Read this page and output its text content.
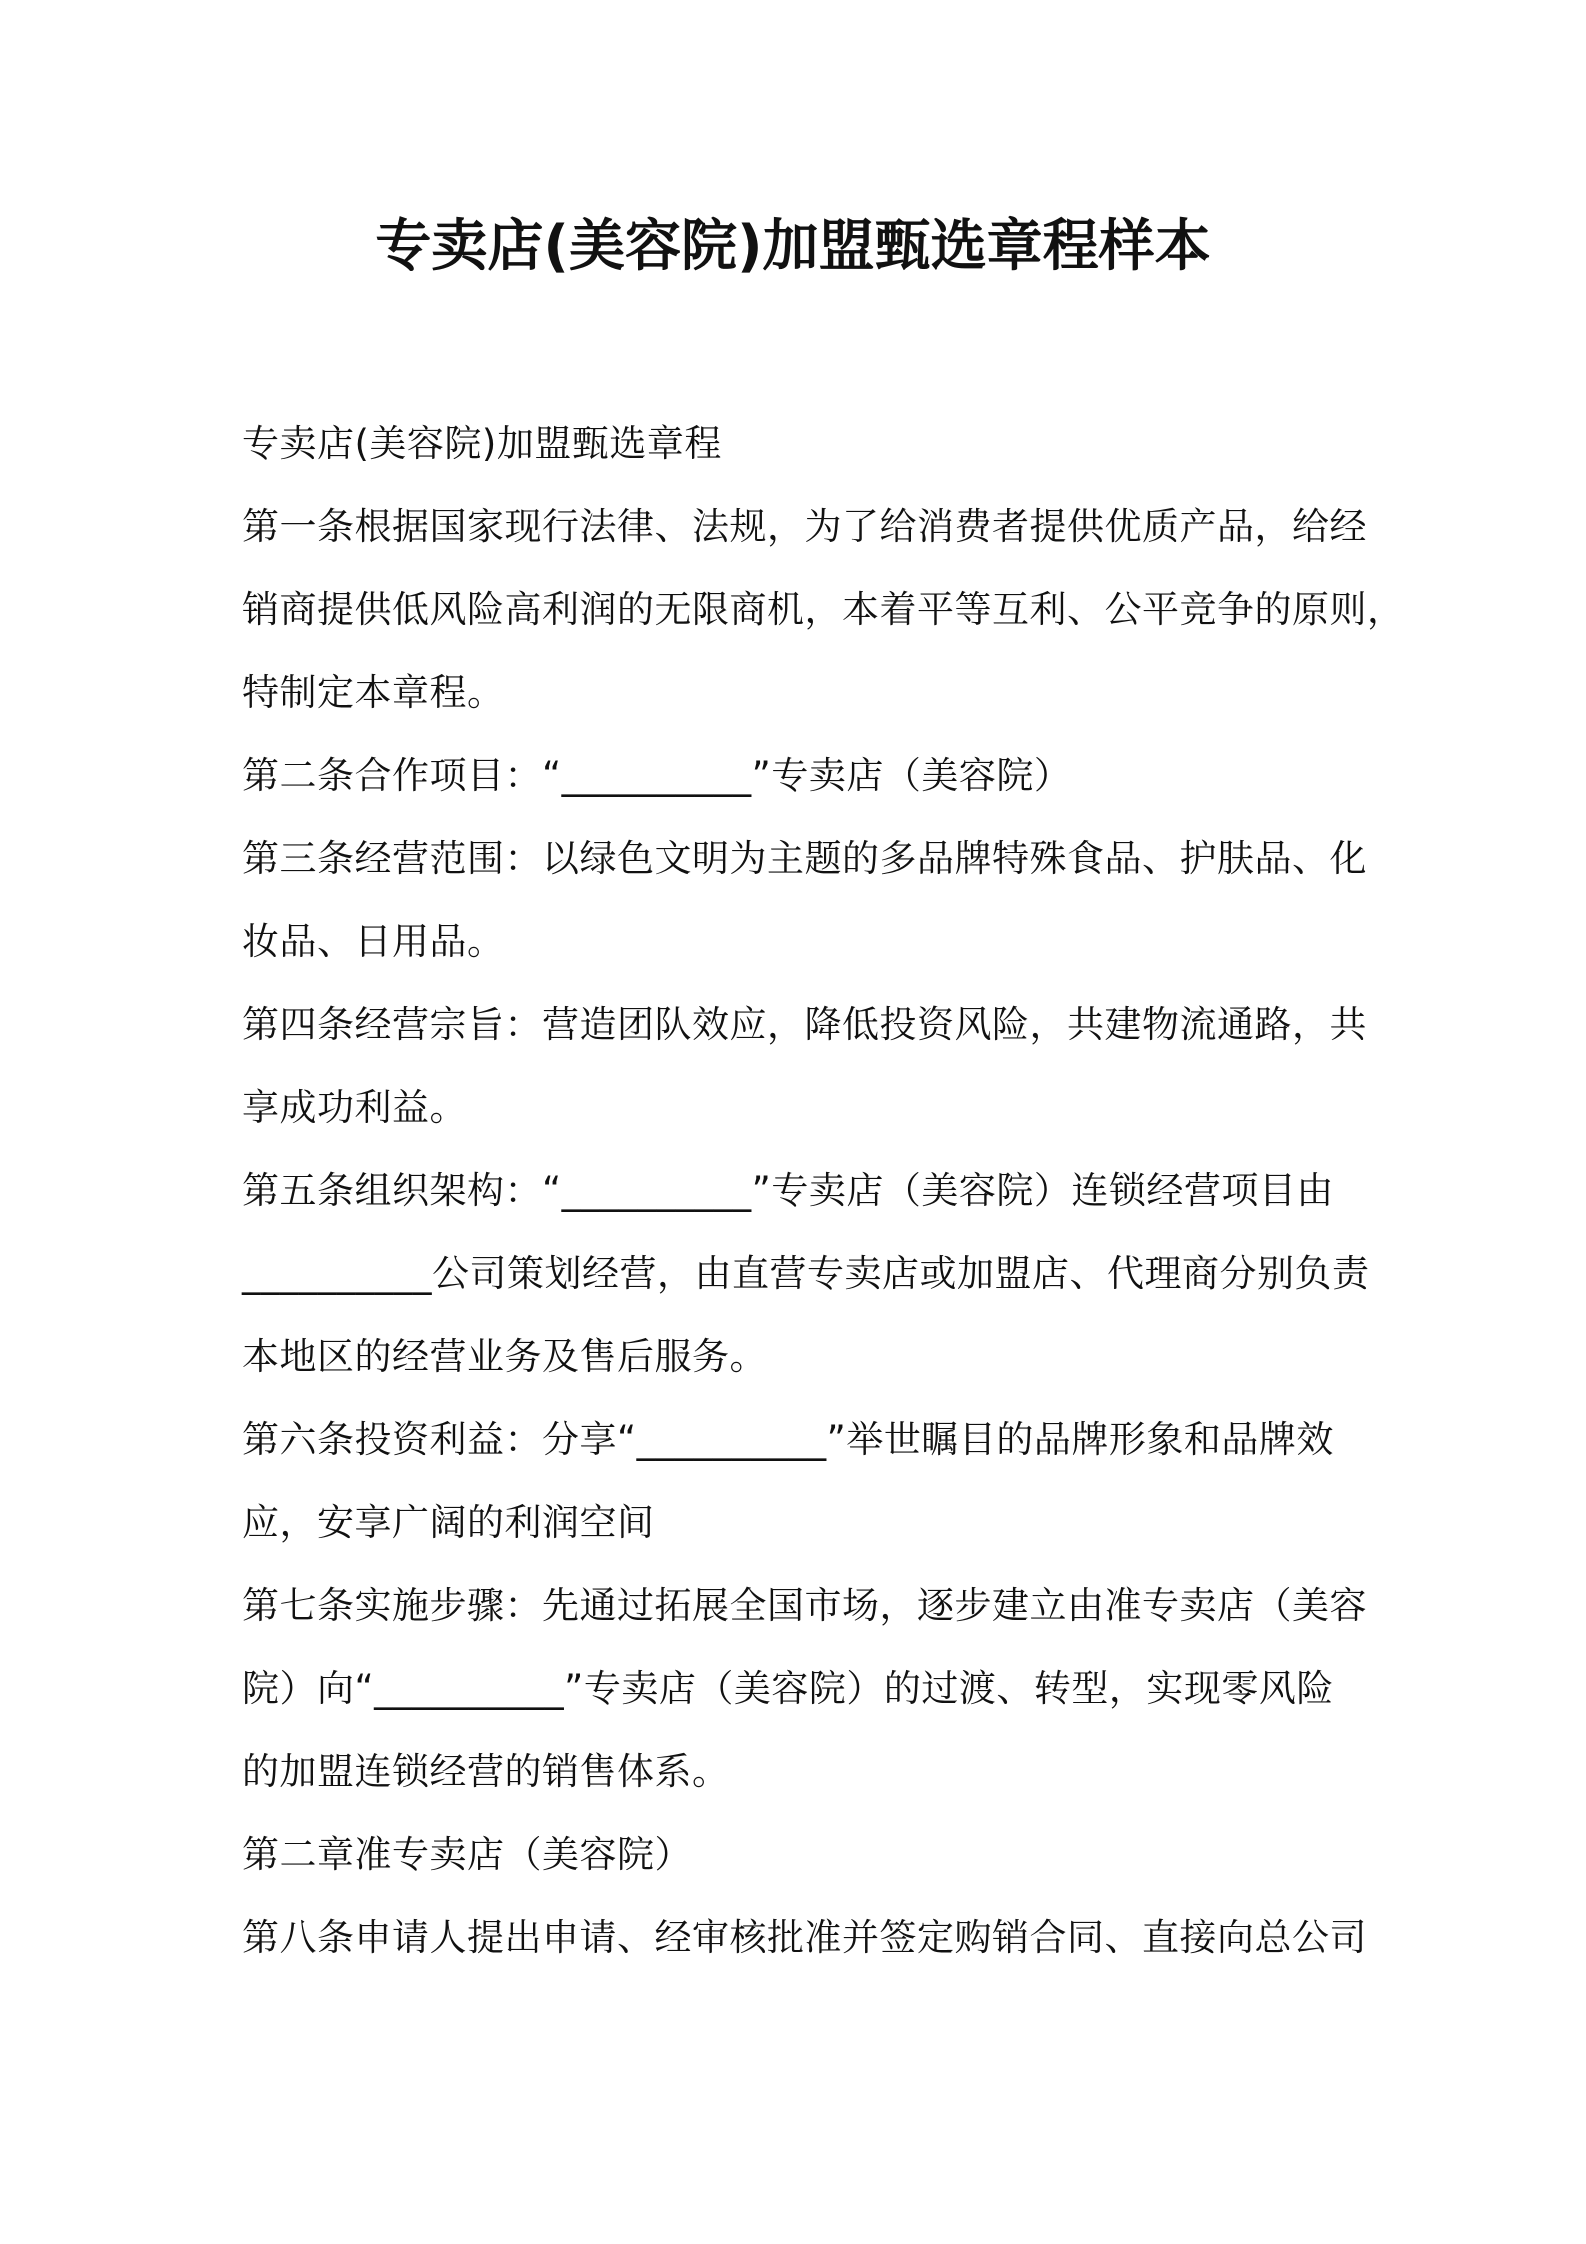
专卖店(美容院)加盟甄选章程样本
专卖店(美容院)加盟甄选章程
第一条根据国家现行法律、法规，为了给消费者提供优质产品，给经
销商提供低风险高利润的无限商机，本着平等互利、公平竞争的原则，
特制定本章程。
第二条合作项目：“__________”专卖店（美容院）
第三条经营范围：以绿色文明为主题的多品牌特殊食品、护肤品、化
妆品、日用品。
第四条经营宗旨：营造团队效应，降低投资风险，共建物流通路，共
享成功利益。
第五条组织架构：“__________”专卖店（美容院）连锁经营项目由
__________公司策划经营，由直营专卖店或加盟店、代理商分别负责
本地区的经营业务及售后服务。
第六条投资利益：分享“__________”举世瞩目的品牌形象和品牌效
应，安享广阔的利润空间
第七条实施步骤：先通过拓展全国市场，逐步建立由准专卖店（美容
院）向“__________”专卖店（美容院）的过渡、转型，实现零风险
的加盟连锁经营的销售体系。
第二章准专卖店（美容院）
第八条申请人提出申请、经审核批准并签定购销合同、直接向总公司
